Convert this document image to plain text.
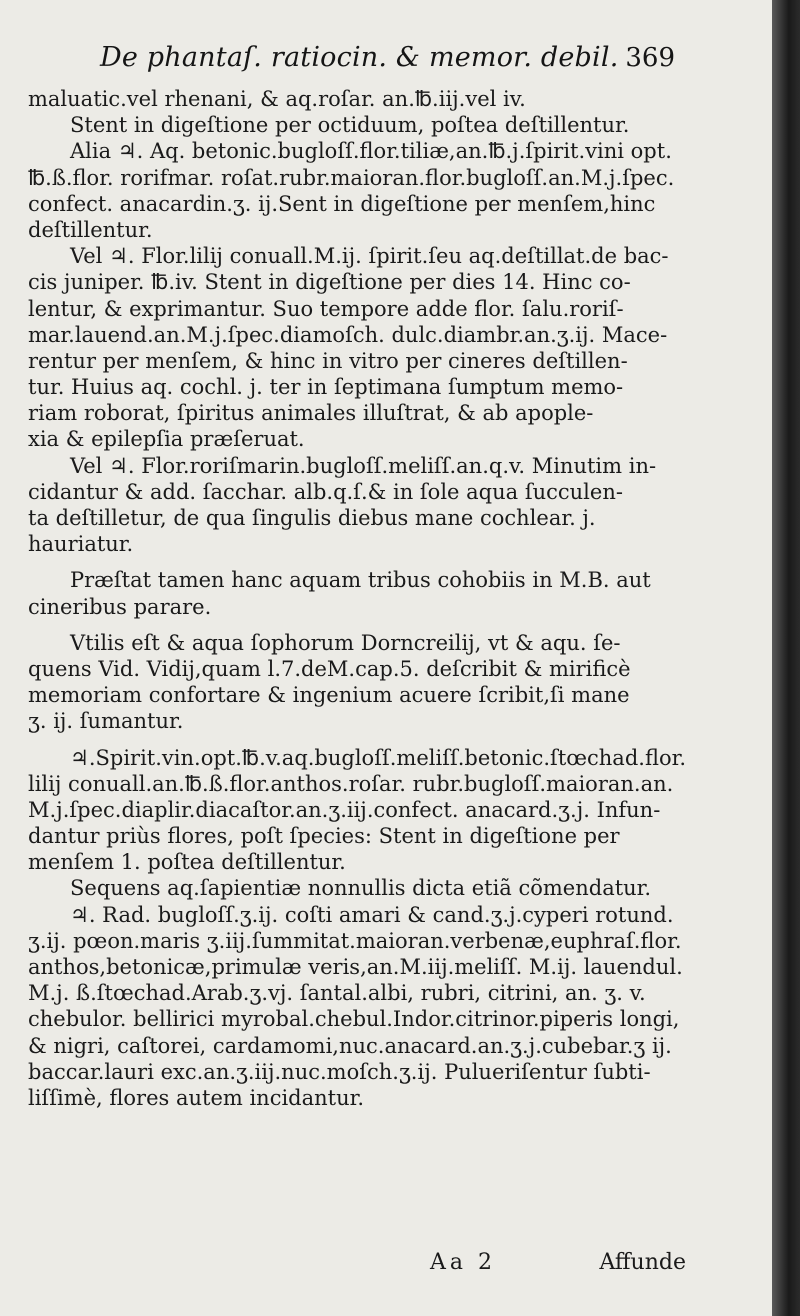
De phantaſ. ratiocin. & memor. debil. 369
maluatic.vel rhenani, & aq.roſar. an.℔.iij.vel iv.
Stent in digeſtione per octiduum, poſtea deſtillentur.
Alia ♃. Aq. betonic.bugloſſ.flor.tiliæ,an.℔.j.ſpirit.vini opt.
℔.ß.flor. rorifmar. roſat.rubr.maioran.flor.bugloſſ.an.M.j.ſpec.
confect. anacardin.ʒ. ij.Sent in digeſtione per menſem,hinc
deſtillentur.
Vel ♃. Flor.lilij conuall.M.ij. ſpirit.ſeu aq.deſtillat.de bac-
cis juniper. ℔.iv. Stent in digeſtione per dies 14. Hinc co-
lentur, & exprimantur. Suo tempore adde flor. ſalu.roriſ-
mar.lauend.an.M.j.ſpec.diamoſch. dulc.diambr.an.ʒ.ij. Mace-
rentur per menſem, & hinc in vitro per cineres deſtillen-
tur. Huius aq. cochl. j. ter in ſeptimana ſumptum memo-
riam roborat, ſpiritus animales illuſtrat, & ab apople-
xia & epilepſia præſeruat.
Vel ♃. Flor.roriſmarin.bugloſſ.meliſſ.an.q.v. Minutim in-
cidantur & add. ſacchar. alb.q.ſ.& in ſole aqua ſucculen-
ta deſtilletur, de qua ſingulis diebus mane cochlear. j.
hauriatur.
Præſtat tamen hanc aquam tribus cohobiis in M.B. aut
cineribus parare.
Vtilis eſt & aqua ſophorum Dorncreilij, vt & aqu. ſe-
quens Vid. Vidij,quam l.7.deM.cap.5. deſcribit & mirificè
memoriam confortare & ingenium acuere ſcribit,ſi mane
ʒ. ij. ſumantur.
♃.Spirit.vin.opt.℔.v.aq.bugloſſ.meliſſ.betonic.ſtœchad.flor.
lilij conuall.an.℔.ß.flor.anthos.roſar. rubr.bugloſſ.maioran.an.
M.j.ſpec.diaplir.diacaſtor.an.ʒ.iij.confect. anacard.ʒ.j. Infun-
dantur priùs flores, poſt ſpecies: Stent in digeſtione per
menſem 1. poſtea deſtillentur.
Sequens aq.ſapientiæ nonnullis dicta etiã cõmendatur.
♃. Rad. bugloſſ.ʒ.ij. coſti amari & cand.ʒ.j.cyperi rotund.
ʒ.ij. pœon.maris ʒ.iij.ſummitat.maioran.verbenæ,euphraſ.flor.
anthos,betonicæ,primulæ veris,an.M.iij.meliſſ. M.ij. lauendul.
M.j. ß.ſtœchad.Arab.ʒ.vj. ſantal.albi, rubri, citrini, an. ʒ. v.
chebulor. bellirici myrobal.chebul.Indor.citrinor.piperis longi,
& nigri, caſtorei, cardamomi,nuc.anacard.an.ʒ.j.cubebar.ʒ ij.
baccar.lauri exc.an.ʒ.iij.nuc.moſch.ʒ.ij. Pulueriſentur ſubti-
liſſimè, flores autem incidantur.
Aa 2	Affunde
